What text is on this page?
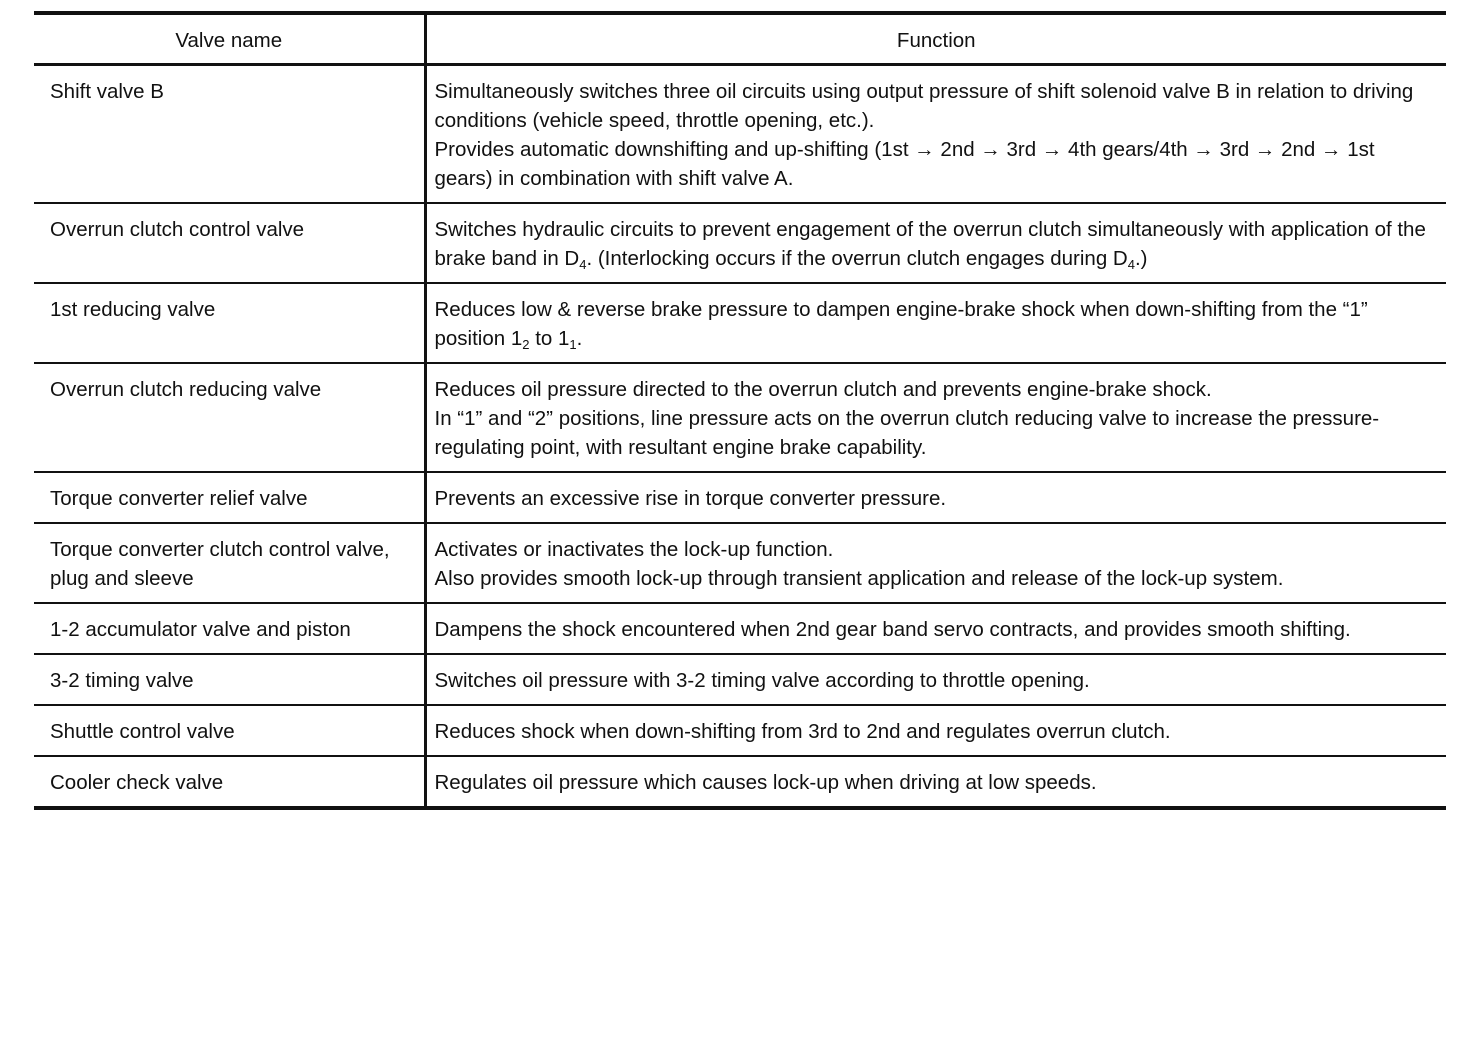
Valve name	Function
Shift valve B	Simultaneously switches three oil circuits using output pressure of shift solenoid valve B in relation to driving conditions (vehicle speed, throttle opening, etc.).
Provides automatic downshifting and up-shifting (1st → 2nd → 3rd → 4th gears/4th → 3rd → 2nd → 1st gears) in combination with shift valve A.

Overrun clutch control valve	Switches hydraulic circuits to prevent engagement of the overrun clutch simultaneously with application of the brake band in $D_4$. (Interlocking occurs if the overrun clutch engages during $D_4$.)
1st reducing valve	Reduces low & reverse brake pressure to dampen engine-brake shock when down-shifting from the “1” position $1_2$ to $1_1$.
Overrun clutch reducing valve	Reduces oil pressure directed to the overrun clutch and prevents engine-brake shock.
In “1” and “2” positions, line pressure acts on the overrun clutch reducing valve to increase the pressure-regulating point, with resultant engine brake capability.

Torque converter relief valve	Prevents an excessive rise in torque converter pressure.

Torque converter clutch control valve, plug and sleeve	Activates or inactivates the lock-up function.
Also provides smooth lock-up through transient application and release of the lock-up system.

1-2 accumulator valve and piston	Dampens the shock encountered when 2nd gear band servo contracts, and provides smooth shifting.

3-2 timing valve	Switches oil pressure with 3-2 timing valve according to throttle opening.

Shuttle control valve	Reduces shock when down-shifting from 3rd to 2nd and regulates overrun clutch.

Cooler check valve	Regulates oil pressure which causes lock-up when driving at low speeds.
